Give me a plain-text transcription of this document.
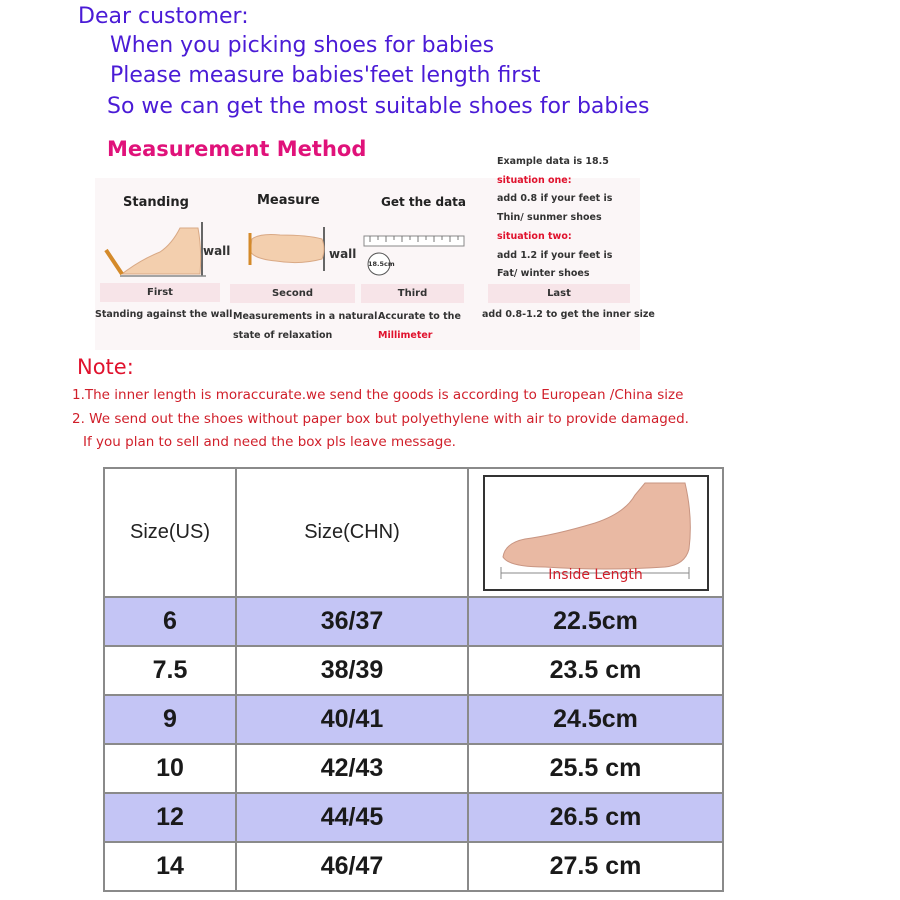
Dear customer:
When you picking shoes for babies
Please measure babies'feet length first
So we can get the most suitable shoes for babies
Measurement Method
Standing
wall
First
Standing against the wall
Measure
wall
Second
Measurements in a natural
state of relaxation
Get the data
18.5cm
Third
Accurate to the
Millimeter
Example data is 18.5
situation one:
add 0.8 if your feet is
Thin/ sunmer shoes
situation two:
add 1.2 if your feet is
Fat/ winter shoes
Last
add 0.8-1.2 to get the inner size
Note:
1.The inner length is moraccurate.we send the goods is according to European /China size
2. We send out the shoes without paper box but polyethylene with air to provide damaged.
If you plan to sell and need the box pls leave message.
Size(US)	Size(CHN)	Inside Length

6	36/37	22.5cm
7.5	38/39	23.5 cm
9	40/41	24.5cm
10	42/43	25.5 cm
12	44/45	26.5 cm
14	46/47	27.5 cm
